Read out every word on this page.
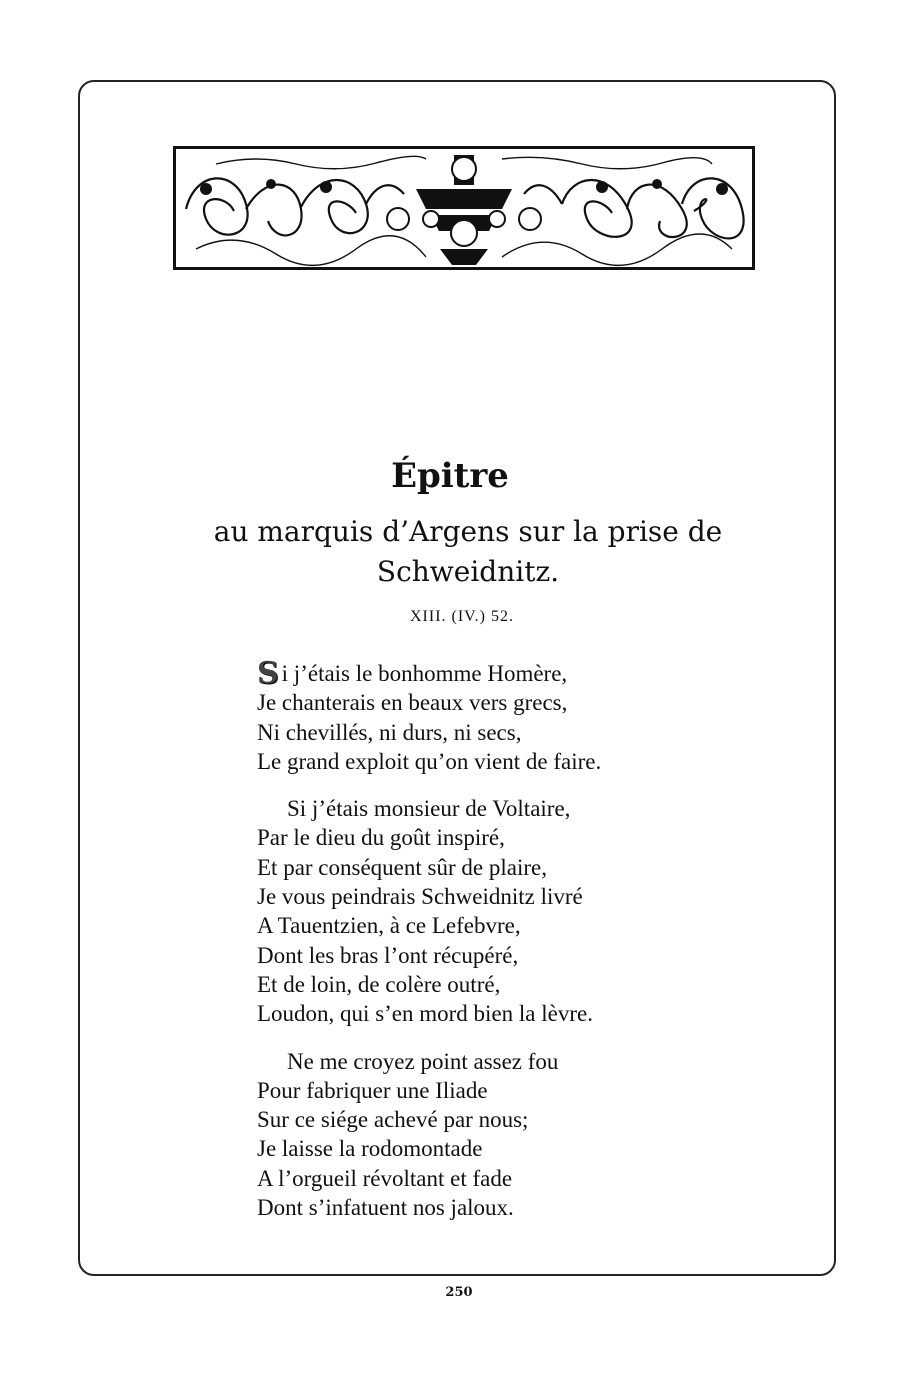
Épitre
au marquis d’Argens sur la prise de
Schweidnitz.
XIII. (IV.) 52.
S i j’étais le bonhomme Homère,
Je chanterais en beaux vers grecs,
Ni chevillés, ni durs, ni secs,
Le grand exploit qu’on vient de faire.
Si j’étais monsieur de Voltaire,
Par le dieu du goût inspiré,
Et par conséquent sûr de plaire,
Je vous peindrais Schweidnitz livré
A Tauentzien, à ce Lefebvre,
Dont les bras l’ont récupéré,
Et de loin, de colère outré,
Loudon, qui s’en mord bien la lèvre.
Ne me croyez point assez fou
Pour fabriquer une Iliade
Sur ce siége achevé par nous;
Je laisse la rodomontade
A l’orgueil révoltant et fade
Dont s’infatuent nos jaloux.
250
